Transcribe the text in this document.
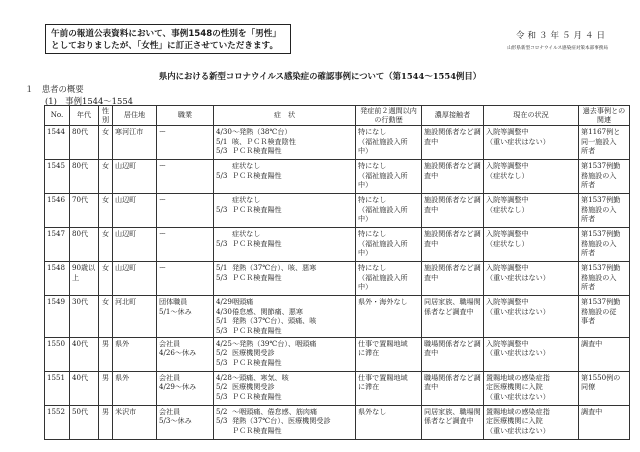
午前の報道公表資料において、事例1548の性別を「男性」
としておりましたが、「女性」に訂正させていただきます。
令和３年５月４日
山形県新型コロナウイルス感染症対策本部事務局
県内における新型コロナウイルス感染症の確認事例について（第1544～1554例目）
１　患者の概要
(1)　事例1544～1554
No.	年代	性別	居住地	職業	症　状	発症前２週間以内の行動歴	濃厚接触者	現在の状況	過去事例との関連
1544	80代	女	寒河江市	ー	4/30～発熱（38℃台）
5/1 咳、ＰＣＲ検査陰性
5/3 ＰＣＲ検査陽性	特になし
（福祉施設入所
中）	施設関係者など調査中	入院等調整中
（重い症状はない）	第1167例と
同一施設入
所者

1545	80代	女	山辺町	ー	症状なし
5/3 ＰＣＲ検査陽性	特になし
（福祉施設入所
中）	施設関係者など調査中	入院等調整中
（症状なし）	第1537例勤
務施設の入
所者

1546	70代	女	山辺町	ー	症状なし
5/3 ＰＣＲ検査陽性	特になし
（福祉施設入所
中）	施設関係者など調査中	入院等調整中
（症状なし）	第1537例勤
務施設の入
所者

1547	80代	女	山辺町	ー	症状なし
5/3 ＰＣＲ検査陽性	特になし
（福祉施設入所
中）	施設関係者など調査中	入院等調整中
（症状なし）	第1537例勤
務施設の入
所者

1548	90歳以上	女	山辺町	ー	5/1 発熱（37℃台）、咳、悪寒
5/3 ＰＣＲ検査陽性	特になし
（福祉施設入所
中）	施設関係者など調査中	入院等調整中
（重い症状はない）	第1537例勤
務施設の入
所者

1549	30代	女	河北町	団体職員
5/1～休み	4/29咽頭痛
4/30倦怠感、関節痛、悪寒
5/1 発熱（37℃台）、頭痛、咳
5/3 ＰＣＲ検査陽性	県外・海外なし	同居家族、職場関係者など調査中	入院等調整中
（重い症状はない）	第1537例勤
務施設の従
事者

1550	40代	男	県外	会社員
4/26～休み	4/25～発熱（39℃台）、咽頭痛
5/2 医療機関受診
5/3 ＰＣＲ検査陽性	仕事で置賜地域
に滞在	職場関係者など調査中	入院等調整中
（重い症状はない）	調査中

1551	40代	男	県外	会社員
4/29～休み	4/28～頭痛、寒気、咳
5/2 医療機関受診
5/3 ＰＣＲ検査陽性	仕事で置賜地域
に滞在	職場関係者など調査中	置賜地域の感染症指
定医療機関に入院
（重い症状はない）	第1550例の
同僚

1552	50代	男	米沢市	会社員
5/3～休み	5/2 ～咽頭痛、倦怠感、筋肉痛
5/3 発熱（37℃台）、医療機関受診
ＰＣＲ検査陽性	県外なし	同居家族、職場関係者など調査中	置賜地域の感染症指
定医療機関に入院
（重い症状はない）	調査中
